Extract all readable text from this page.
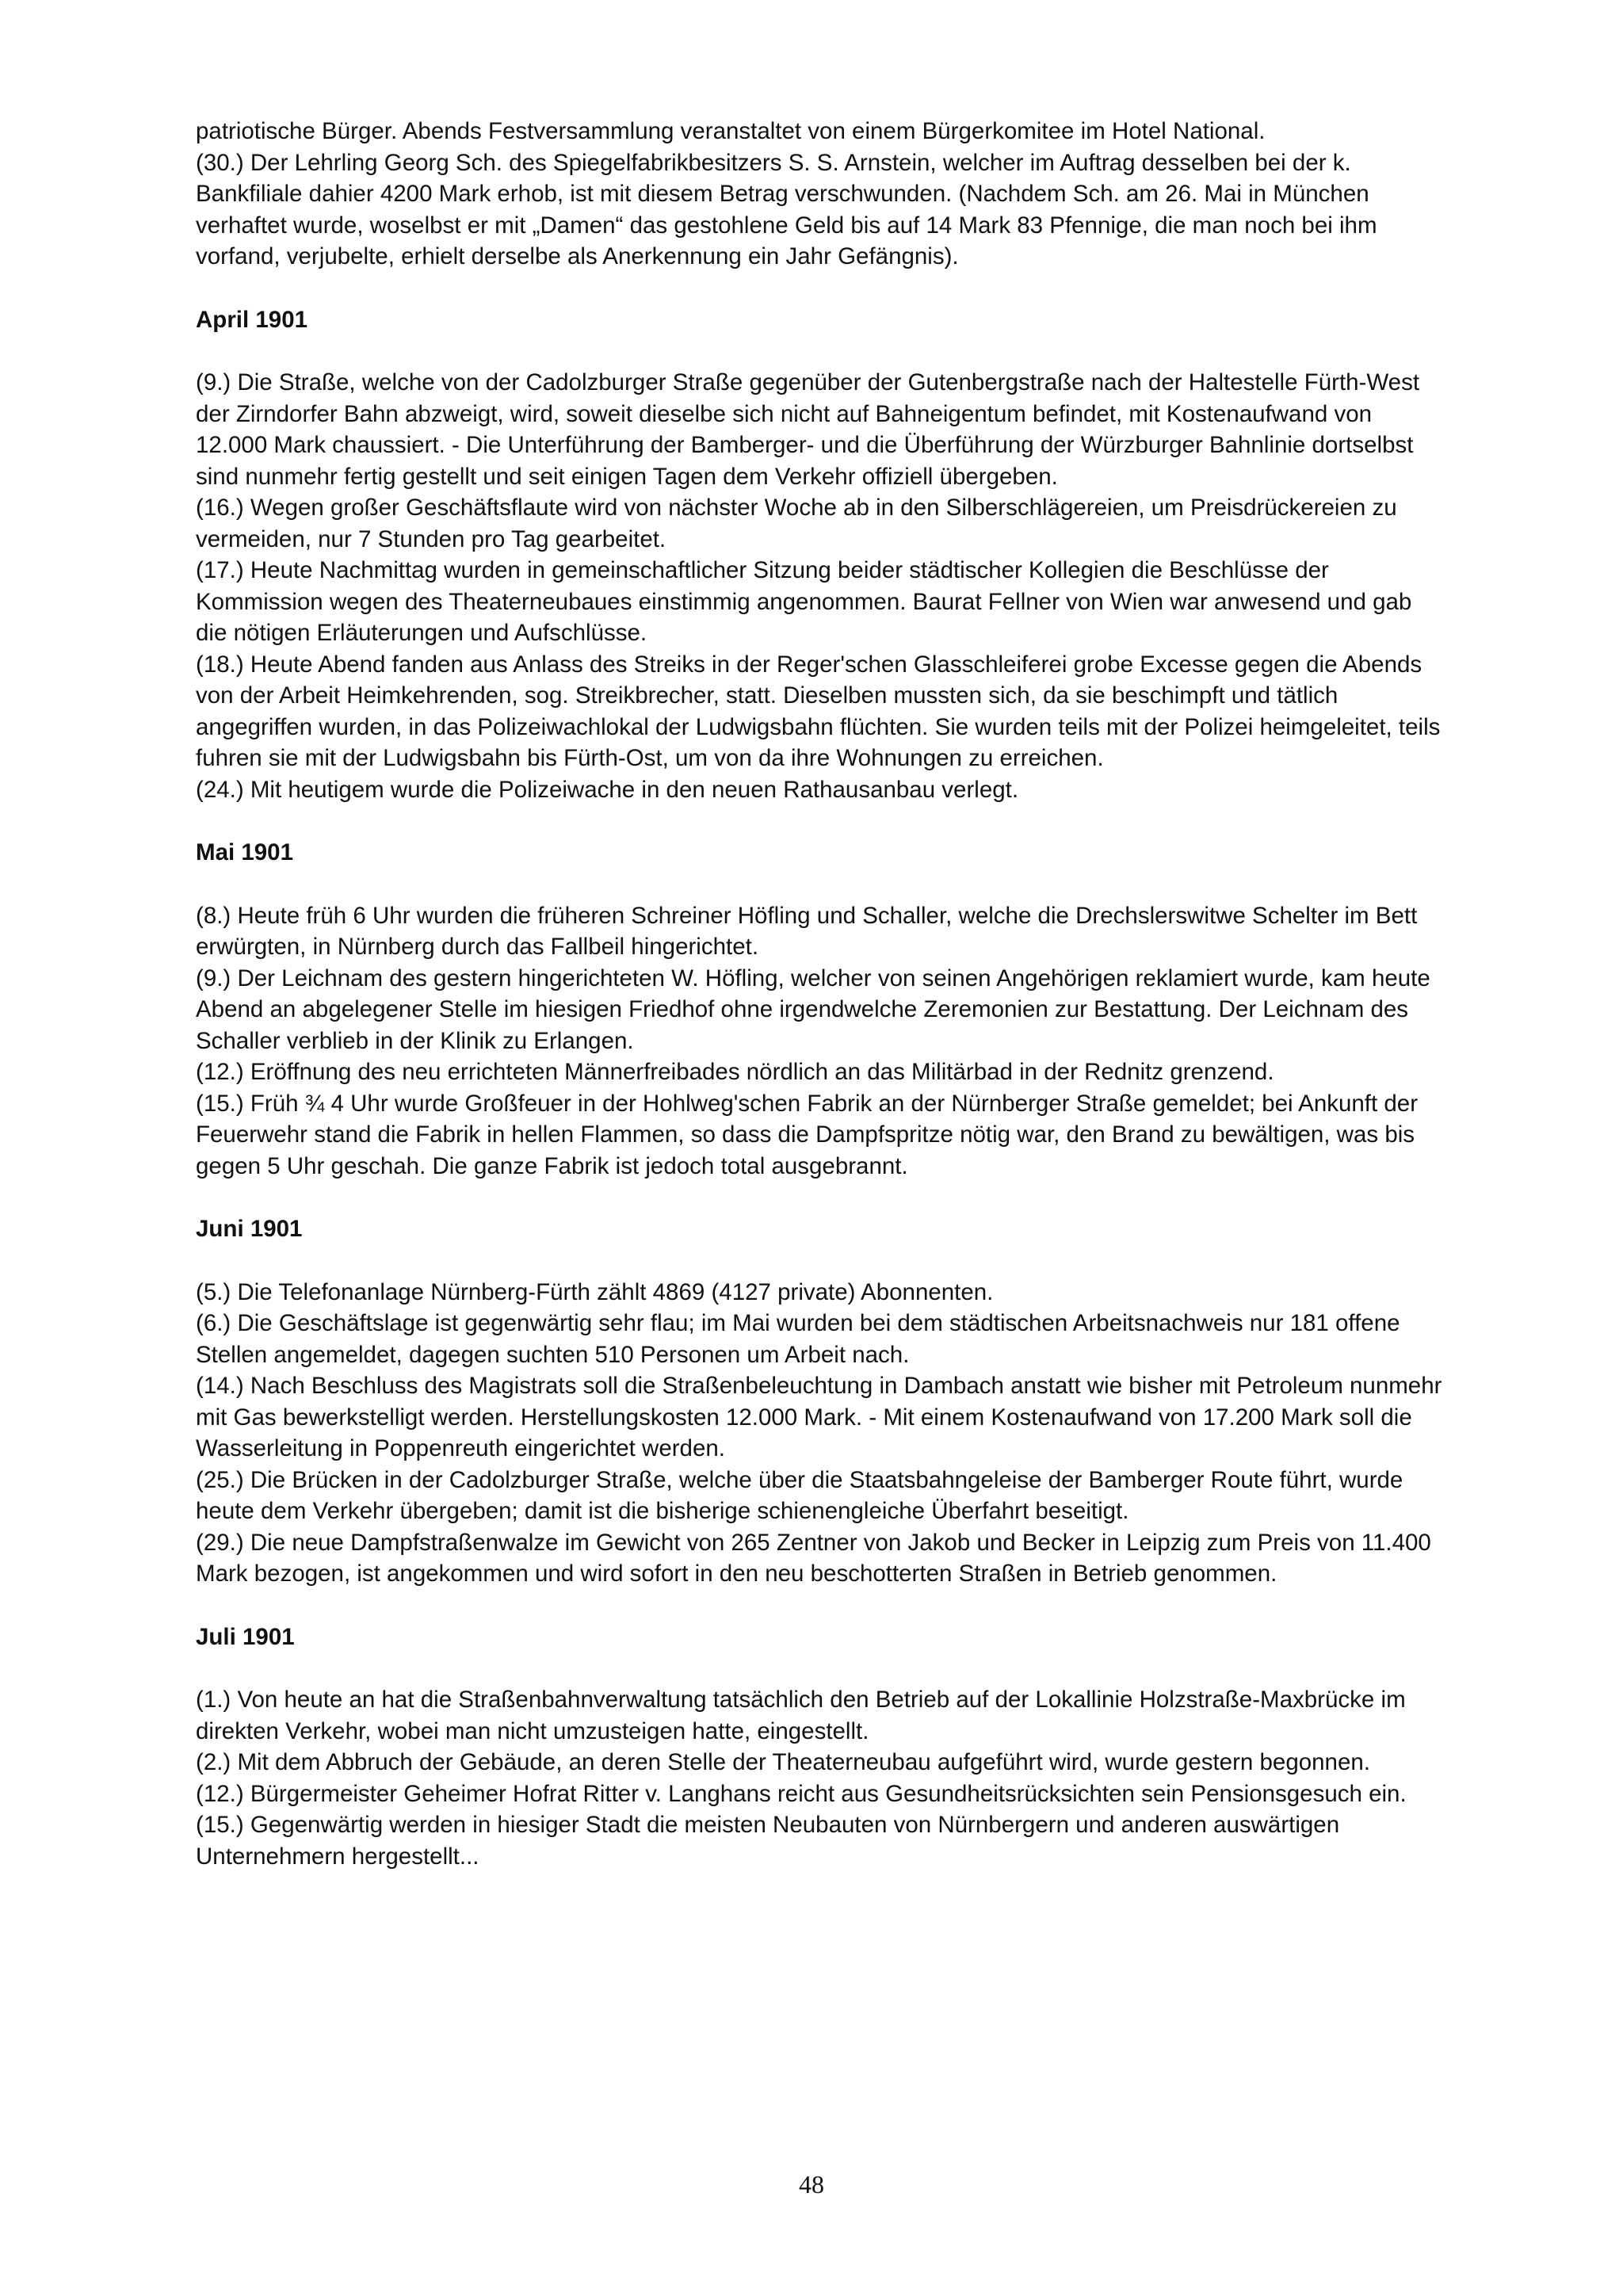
patriotische Bürger. Abends Festversammlung veranstaltet von einem Bürgerkomitee im Hotel National.

(30.) Der Lehrling Georg Sch. des Spiegelfabrikbesitzers S. S. Arnstein, welcher im Auftrag desselben bei der k. Bankfiliale dahier 4200 Mark erhob, ist mit diesem Betrag verschwunden. (Nachdem Sch. am 26. Mai in München verhaftet wurde, woselbst er mit „Damen“ das gestohlene Geld bis auf 14 Mark 83 Pfennige, die man noch bei ihm vorfand, verjubelte, erhielt derselbe als Anerkennung ein Jahr Gefängnis).

April 1901

(9.) Die Straße, welche von der Cadolzburger Straße gegenüber der Gutenbergstraße nach der Haltestelle Fürth-West der Zirndorfer Bahn abzweigt, wird, soweit dieselbe sich nicht auf Bahneigentum befindet, mit Kostenaufwand von 12.000 Mark chaussiert. - Die Unterführung der Bamberger- und die Überführung der Würzburger Bahnlinie dortselbst sind nunmehr fertig gestellt und seit einigen Tagen dem Verkehr offiziell übergeben.

(16.) Wegen großer Geschäftsflaute wird von nächster Woche ab in den Silberschlägereien, um Preisdrückereien zu vermeiden, nur 7 Stunden pro Tag gearbeitet.

(17.) Heute Nachmittag wurden in gemeinschaftlicher Sitzung beider städtischer Kollegien die Beschlüsse der Kommission wegen des Theaterneubaues einstimmig angenommen. Baurat Fellner von Wien war anwesend und gab die nötigen Erläuterungen und Aufschlüsse.

(18.) Heute Abend fanden aus Anlass des Streiks in der Reger'schen Glasschleiferei grobe Excesse gegen die Abends von der Arbeit Heimkehrenden, sog. Streikbrecher, statt. Dieselben mussten sich, da sie beschimpft und tätlich angegriffen wurden, in das Polizeiwachlokal der Ludwigsbahn flüchten. Sie wurden teils mit der Polizei heimgeleitet, teils fuhren sie mit der Ludwigsbahn bis Fürth-Ost, um von da ihre Wohnungen zu erreichen.

(24.) Mit heutigem wurde die Polizeiwache in den neuen Rathausanbau verlegt.

Mai 1901

(8.) Heute früh 6 Uhr wurden die früheren Schreiner Höfling und Schaller, welche die Drechslerswitwe Schelter im Bett erwürgten, in Nürnberg durch das Fallbeil hingerichtet.

(9.) Der Leichnam des gestern hingerichteten W. Höfling, welcher von seinen Angehörigen reklamiert wurde, kam heute Abend an abgelegener Stelle im hiesigen Friedhof ohne irgendwelche Zeremonien zur Bestattung. Der Leichnam des Schaller verblieb in der Klinik zu Erlangen.

(12.) Eröffnung des neu errichteten Männerfreibades nördlich an das Militärbad in der Rednitz grenzend.

(15.) Früh ¾ 4 Uhr wurde Großfeuer in der Hohlweg'schen Fabrik an der Nürnberger Straße gemeldet; bei Ankunft der Feuerwehr stand die Fabrik in hellen Flammen, so dass die Dampfspritze nötig war, den Brand zu bewältigen, was bis gegen 5 Uhr geschah. Die ganze Fabrik ist jedoch total ausgebrannt.

Juni 1901

(5.) Die Telefonanlage Nürnberg-Fürth zählt 4869 (4127 private) Abonnenten.

(6.) Die Geschäftslage ist gegenwärtig sehr flau; im Mai wurden bei dem städtischen Arbeitsnachweis nur 181 offene Stellen angemeldet, dagegen suchten 510 Personen um Arbeit nach.

(14.) Nach Beschluss des Magistrats soll die Straßenbeleuchtung in Dambach anstatt wie bisher mit Petroleum nunmehr mit Gas bewerkstelligt werden. Herstellungskosten 12.000 Mark. - Mit einem Kostenaufwand von 17.200 Mark soll die Wasserleitung in Poppenreuth eingerichtet werden.

(25.) Die Brücken in der Cadolzburger Straße, welche über die Staatsbahngeleise der Bamberger Route führt, wurde heute dem Verkehr übergeben; damit ist die bisherige schienengleiche Überfahrt beseitigt.

(29.) Die neue Dampfstraßenwalze im Gewicht von 265 Zentner von Jakob und Becker in Leipzig zum Preis von 11.400 Mark bezogen, ist angekommen und wird sofort in den neu beschotterten Straßen in Betrieb genommen.

Juli 1901

(1.) Von heute an hat die Straßenbahnverwaltung tatsächlich den Betrieb auf der Lokallinie Holzstraße-Maxbrücke im direkten Verkehr, wobei man nicht umzusteigen hatte, eingestellt.

(2.) Mit dem Abbruch der Gebäude, an deren Stelle der Theaterneubau aufgeführt wird, wurde gestern begonnen.

(12.) Bürgermeister Geheimer Hofrat Ritter v. Langhans reicht aus Gesundheitsrücksichten sein Pensionsgesuch ein.

(15.) Gegenwärtig werden in hiesiger Stadt die meisten Neubauten von Nürnbergern und anderen auswärtigen Unternehmern hergestellt...

48
